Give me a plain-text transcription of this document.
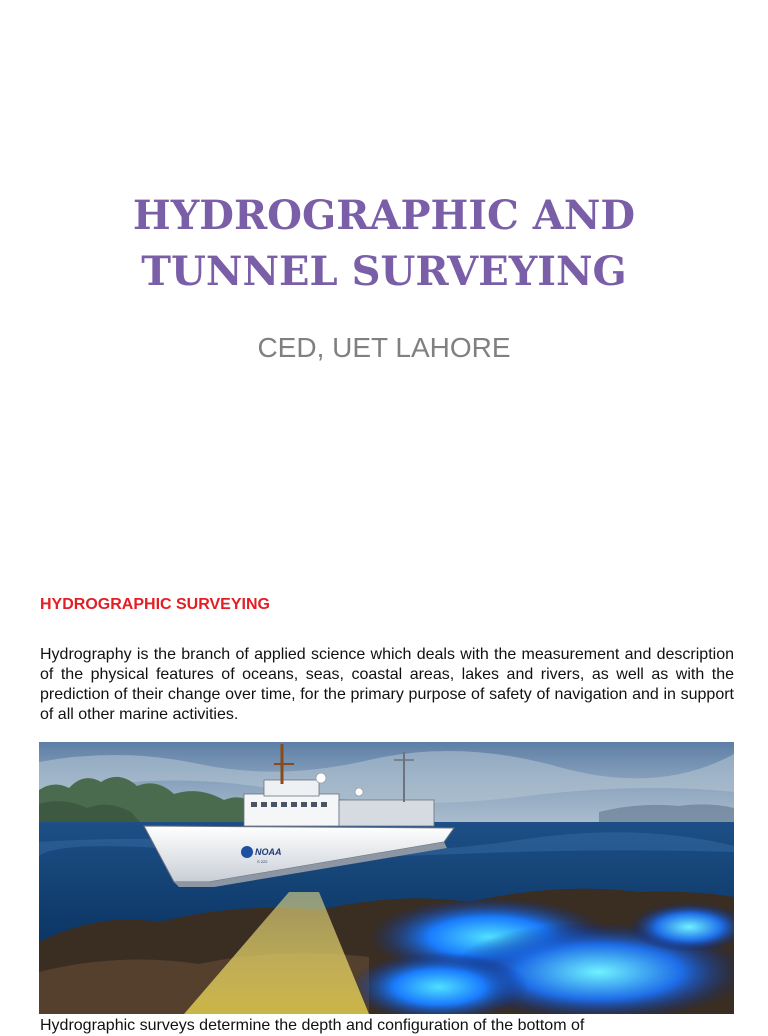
HYDROGRAPHIC AND
TUNNEL SURVEYING

CED, UET LAHORE

HYDROGRAPHIC SURVEYING

Hydrography is the branch of applied science which deals with the measurement and description of the physical features of oceans, seas, coastal areas, lakes and rivers, as well as with the prediction of their change over time, for the primary purpose of safety of navigation and in support of all other marine activities.

NOAA
S 222

Hydrographic surveys determine the depth and configuration of the bottom of
